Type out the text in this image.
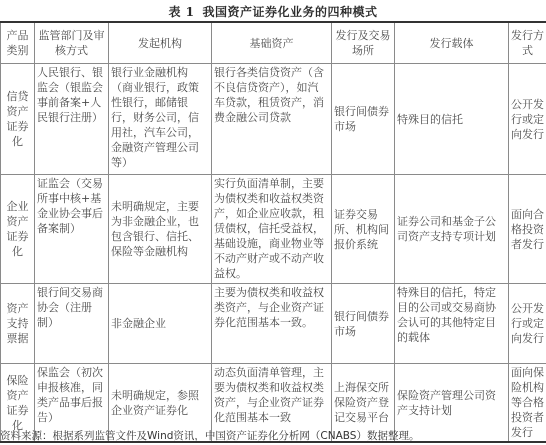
表 1 我国资产证券化业务的四种模式
产品类别	监管部门及审核方式	发起机构	基础资产	发行及交易场所	发行载体	发行方式
信贷资产证券化	人民银行、银监会（银监会事前备案+人民银行注册）	银行业金融机构（商业银行，政策性银行，邮储银行，财务公司，信用社，汽车公司，金融资产管理公司等）	银行各类信贷资产（含不良信贷资产），如汽车贷款，租赁资产，消费金融公司贷款	银行间债券市场	特殊目的信托	公开发行或定向发行
企业资产证券化	证监会（交易所事中核+基金业协会事后备案制）	未明确规定，主要为非金融企业，也包含银行、信托、保险等金融机构	实行负面清单制，主要为债权类和收益权类资产，如企业应收款，租赁债权，信托受益权，基础设施，商业物业等不动产财产或不动产收益权。	证券交易所、机构间报价系统	证券公司和基金子公司资产支持专项计划	面向合格投资者发行
资产支持票据	银行间交易商协会（注册制）	非金融企业	主要为债权类和收益权类资产，与企业资产证券化范围基本一致。	银行间债券市场	特殊目的信托，特定目的公司或交易商协会认可的其他特定目的载体	公开发行或定向发行
保险资产证券化	保监会（初次申报核准，同类产品事后报告）	未明确规定，参照企业资产证券化	动态负面清单管理，主要为债权类和收益权类资产，与企业资产证券化范围基本一致	上海保交所保险资产登记交易平台	保险资产管理公司资产支持计划	面向保险机构等合格投资者发行
资料来源：根据系列监管文件及Wind资讯，中国资产证券化分析网（CNABS）数据整理。
